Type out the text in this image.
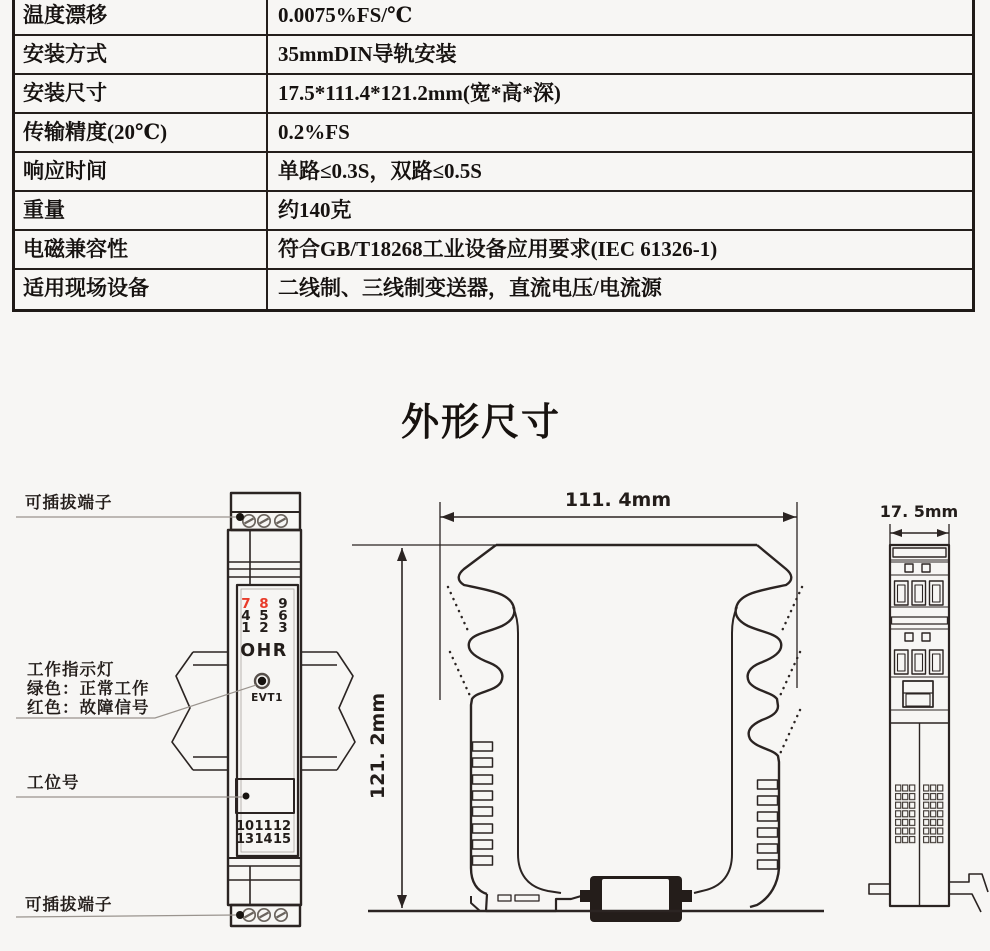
温度漂移	0.0075%FS/℃
安装方式	35mmDIN导轨安装
安装尺寸	17.5*111.4*121.2mm(宽*高*深)
传输精度(20℃)	0.2%FS
响应时间	单路≤0.3S，双路≤0.5S
重量	约140克
电磁兼容性	符合GB/T18268工业设备应用要求(IEC 61326-1)
适用现场设备	二线制、三线制变送器，直流电压/电流源
外形尺寸
7 8 9
4 5 6
1 2 3
OHR
EVT1
10 11 12
13 14 15
可插拔端子
工作指示灯
绿色：正常工作
红色：故障信号
工位号
可插拔端子
111. 4mm
121. 2mm
17. 5mm
